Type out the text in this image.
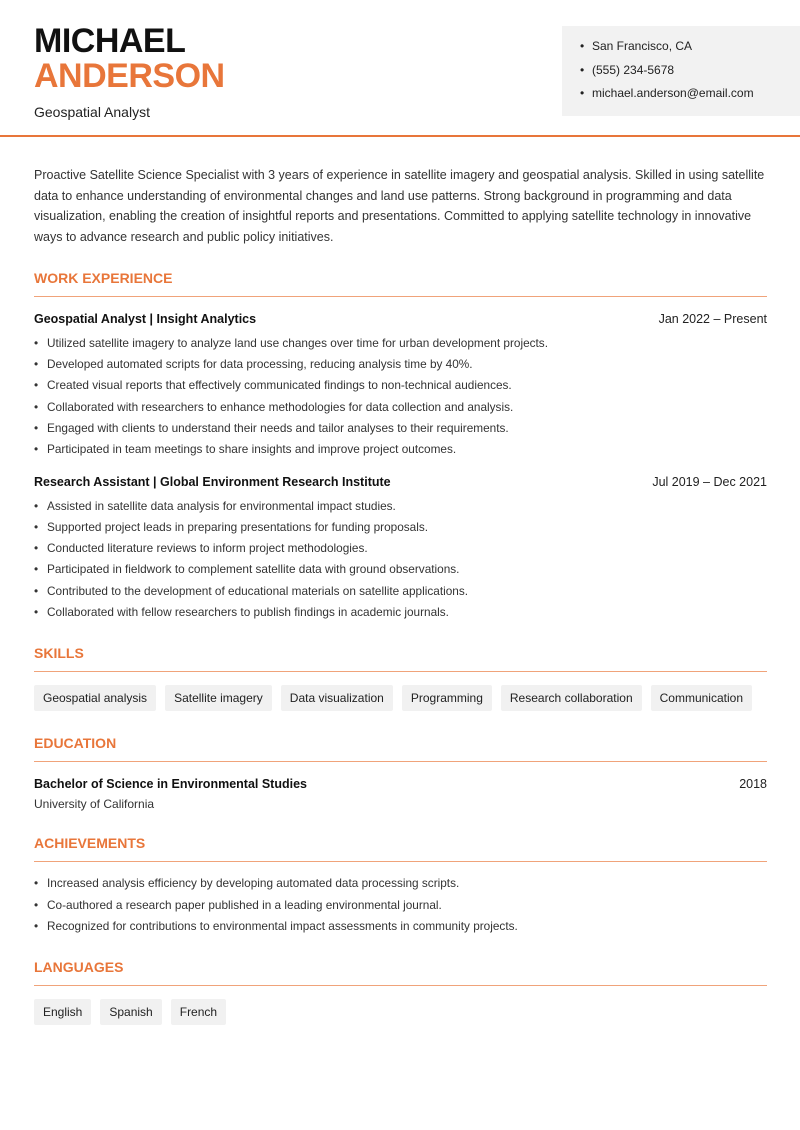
MICHAEL
ANDERSON
Geospatial Analyst
• San Francisco, CA
• (555) 234-5678
• michael.anderson@email.com

Proactive Satellite Science Specialist with 3 years of experience in satellite imagery and geospatial analysis. Skilled in using satellite data to enhance understanding of environmental changes and land use patterns. Strong background in programming and data visualization, enabling the creation of insightful reports and presentations. Committed to applying satellite technology in innovative ways to advance research and public policy initiatives.

WORK EXPERIENCE
Geospatial Analyst | Insight Analytics	Jan 2022 – Present
• Utilized satellite imagery to analyze land use changes over time for urban development projects.
• Developed automated scripts for data processing, reducing analysis time by 40%.
• Created visual reports that effectively communicated findings to non-technical audiences.
• Collaborated with researchers to enhance methodologies for data collection and analysis.
• Engaged with clients to understand their needs and tailor analyses to their requirements.
• Participated in team meetings to share insights and improve project outcomes.
Research Assistant | Global Environment Research Institute	Jul 2019 – Dec 2021
• Assisted in satellite data analysis for environmental impact studies.
• Supported project leads in preparing presentations for funding proposals.
• Conducted literature reviews to inform project methodologies.
• Participated in fieldwork to complement satellite data with ground observations.
• Contributed to the development of educational materials on satellite applications.
• Collaborated with fellow researchers to publish findings in academic journals.
SKILLS
Geospatial analysis	Satellite imagery	Data visualization	Programming	Research collaboration	Communication
EDUCATION
Bachelor of Science in Environmental Studies	2018
University of California
ACHIEVEMENTS
• Increased analysis efficiency by developing automated data processing scripts.
• Co-authored a research paper published in a leading environmental journal.
• Recognized for contributions to environmental impact assessments in community projects.
LANGUAGES
English	Spanish	French
